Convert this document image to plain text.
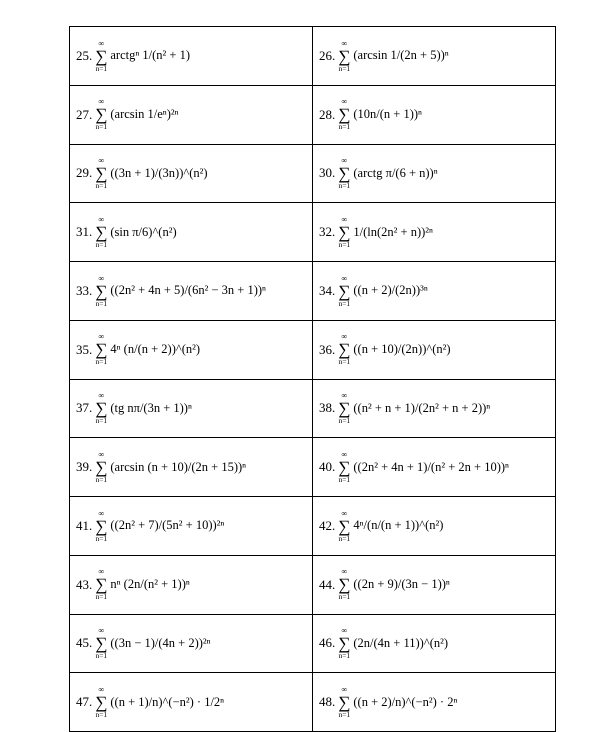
25.
∞
∑
n=1
arctgⁿ 1/(n² + 1)	26.
∞
∑
n=1
(arcsin 1/(2n + 5))ⁿ

27.
∞
∑
n=1
(arcsin 1/eⁿ)²ⁿ	28.
∞
∑
n=1
(10n/(n + 1))ⁿ

29.
∞
∑
n=1
((3n + 1)/(3n))^(n²)	30.
∞
∑
n=1
(arctg π/(6 + n))ⁿ

31.
∞
∑
n=1
(sin π/6)^(n²)	32.
∞
∑
n=1
1/(ln(2n² + n))²ⁿ

33.
∞
∑
n=1
((2n² + 4n + 5)/(6n² − 3n + 1))ⁿ	34.
∞
∑
n=1
((n + 2)/(2n))³ⁿ

35.
∞
∑
n=1
4ⁿ (n/(n + 2))^(n²)	36.
∞
∑
n=1
((n + 10)/(2n))^(n²)

37.
∞
∑
n=1
(tg nπ/(3n + 1))ⁿ	38.
∞
∑
n=1
((n² + n + 1)/(2n² + n + 2))ⁿ

39.
∞
∑
n=1
(arcsin (n + 10)/(2n + 15))ⁿ	40.
∞
∑
n=1
((2n² + 4n + 1)/(n² + 2n + 10))ⁿ

41.
∞
∑
n=1
((2n² + 7)/(5n² + 10))²ⁿ	42.
∞
∑
n=1
4ⁿ/(n/(n + 1))^(n²)

43.
∞
∑
n=1
nⁿ (2n/(n² + 1))ⁿ	44.
∞
∑
n=1
((2n + 9)/(3n − 1))ⁿ

45.
∞
∑
n=1
((3n − 1)/(4n + 2))²ⁿ	46.
∞
∑
n=1
(2n/(4n + 11))^(n²)

47.
∞
∑
n=1
((n + 1)/n)^(−n²) · 1/2ⁿ	48.
∞
∑
n=1
((n + 2)/n)^(−n²) · 2ⁿ
